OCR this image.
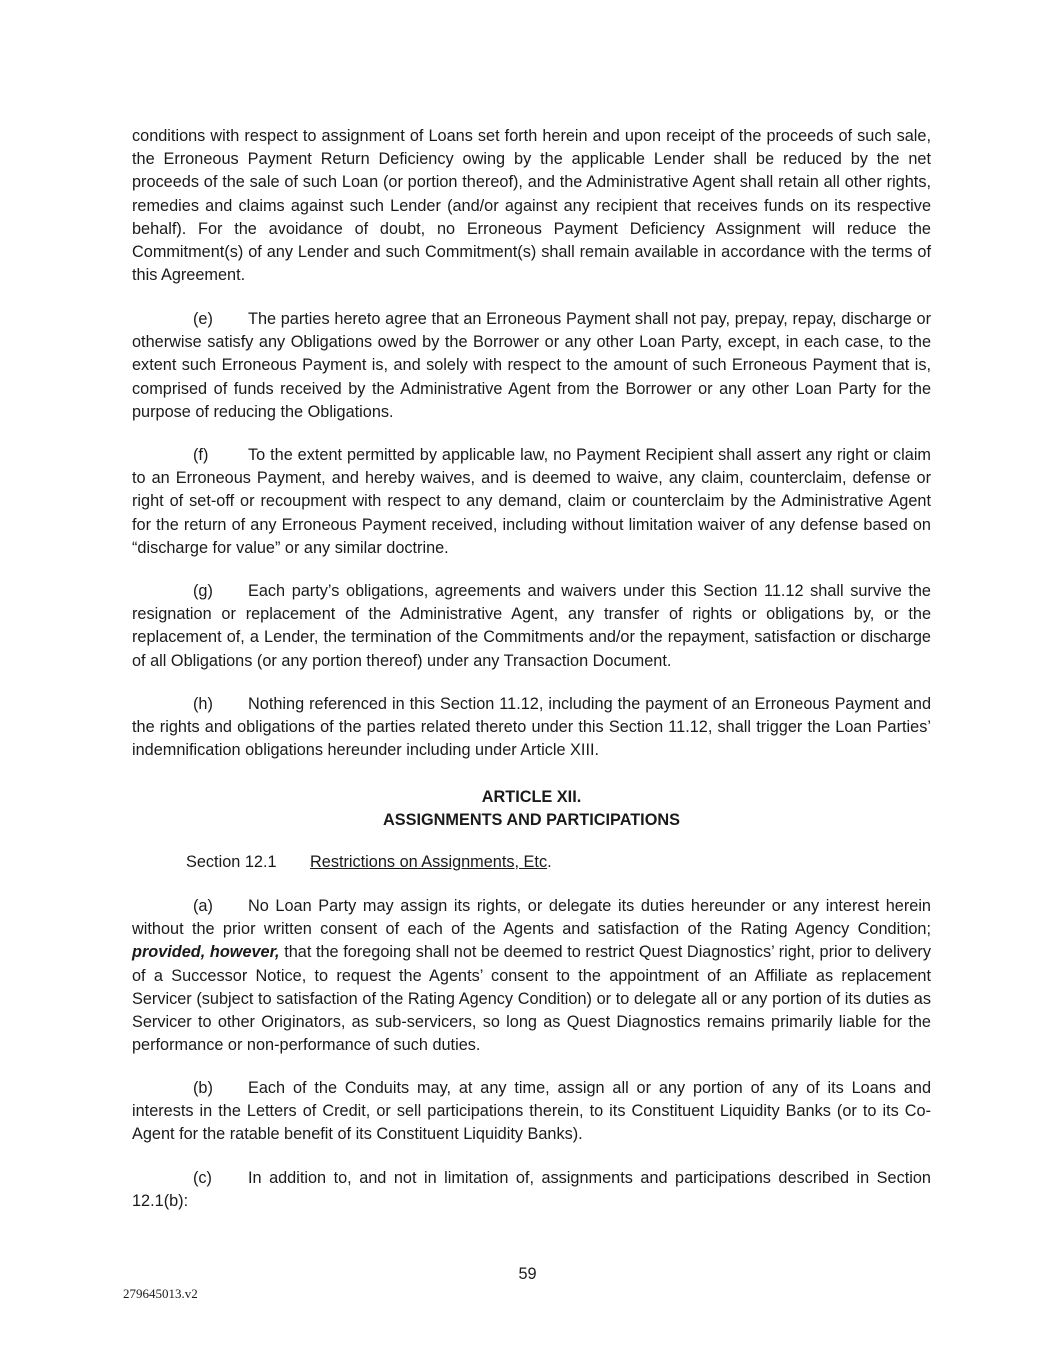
conditions with respect to assignment of Loans set forth herein and upon receipt of the proceeds of such sale, the Erroneous Payment Return Deficiency owing by the applicable Lender shall be reduced by the net proceeds of the sale of such Loan (or portion thereof), and the Administrative Agent shall retain all other rights, remedies and claims against such Lender (and/or against any recipient that receives funds on its respective behalf). For the avoidance of doubt, no Erroneous Payment Deficiency Assignment will reduce the Commitment(s) of any Lender and such Commitment(s) shall remain available in accordance with the terms of this Agreement.

(e) The parties hereto agree that an Erroneous Payment shall not pay, prepay, repay, discharge or otherwise satisfy any Obligations owed by the Borrower or any other Loan Party, except, in each case, to the extent such Erroneous Payment is, and solely with respect to the amount of such Erroneous Payment that is, comprised of funds received by the Administrative Agent from the Borrower or any other Loan Party for the purpose of reducing the Obligations.

(f) To the extent permitted by applicable law, no Payment Recipient shall assert any right or claim to an Erroneous Payment, and hereby waives, and is deemed to waive, any claim, counterclaim, defense or right of set-off or recoupment with respect to any demand, claim or counterclaim by the Administrative Agent for the return of any Erroneous Payment received, including without limitation waiver of any defense based on “discharge for value” or any similar doctrine.

(g) Each party’s obligations, agreements and waivers under this Section 11.12 shall survive the resignation or replacement of the Administrative Agent, any transfer of rights or obligations by, or the replacement of, a Lender, the termination of the Commitments and/or the repayment, satisfaction or discharge of all Obligations (or any portion thereof) under any Transaction Document.

(h) Nothing referenced in this Section 11.12, including the payment of an Erroneous Payment and the rights and obligations of the parties related thereto under this Section 11.12, shall trigger the Loan Parties’ indemnification obligations hereunder including under Article XIII.

ARTICLE XII.
ASSIGNMENTS AND PARTICIPATIONS
Section 12.1 Restrictions on Assignments, Etc.

(a) No Loan Party may assign its rights, or delegate its duties hereunder or any interest herein without the prior written consent of each of the Agents and satisfaction of the Rating Agency Condition; provided, however, that the foregoing shall not be deemed to restrict Quest Diagnostics’ right, prior to delivery of a Successor Notice, to request the Agents’ consent to the appointment of an Affiliate as replacement Servicer (subject to satisfaction of the Rating Agency Condition) or to delegate all or any portion of its duties as Servicer to other Originators, as sub-servicers, so long as Quest Diagnostics remains primarily liable for the performance or non-performance of such duties.

(b) Each of the Conduits may, at any time, assign all or any portion of any of its Loans and interests in the Letters of Credit, or sell participations therein, to its Constituent Liquidity Banks (or to its Co-Agent for the ratable benefit of its Constituent Liquidity Banks).

(c) In addition to, and not in limitation of, assignments and participations described in Section 12.1(b):

59
279645013.v2
